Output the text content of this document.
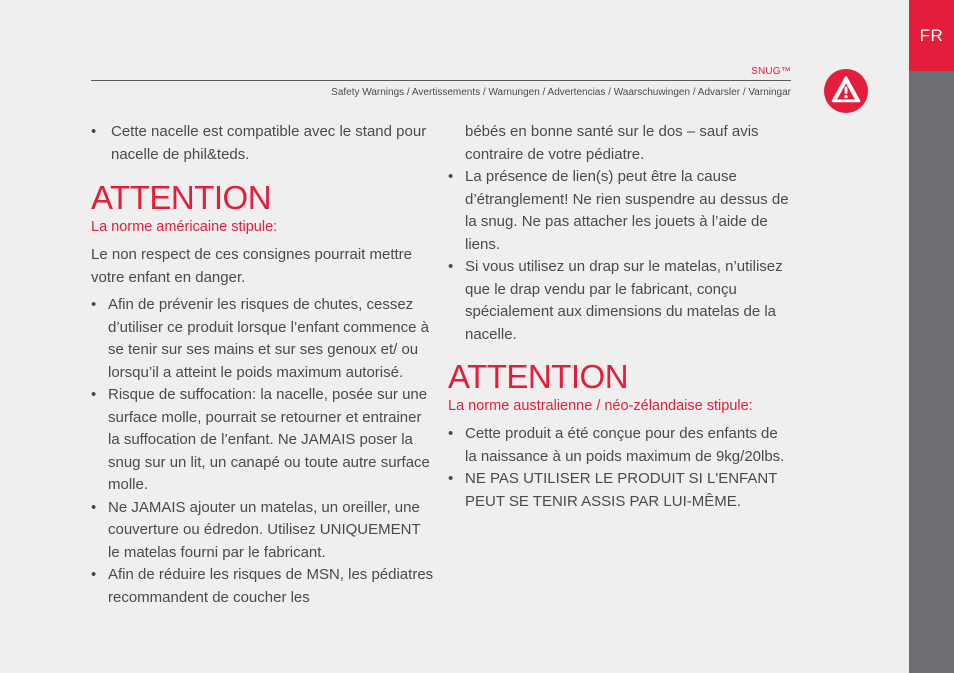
FR
SNUG™
Safety Warnings / Avertissements / Warnungen / Advertencias / Waarschuwingen / Advarsler / Varningar
• Cette nacelle est compatible avec le stand pour nacelle de phil&teds.
ATTENTION
La norme américaine stipule:
Le non respect de ces consignes pourrait mettre votre enfant en danger.
• Afin de prévenir les risques de chutes, cessez d’utiliser ce produit lorsque l’enfant commence à se tenir sur ses mains et sur ses genoux et/ ou lorsqu’il a atteint le poids maximum autorisé.
• Risque de suffocation: la nacelle, posée sur une surface molle, pourrait se retourner et entrainer la suffocation de l’enfant. Ne JAMAIS poser la snug sur un lit, un canapé ou toute autre surface molle.
• Ne JAMAIS ajouter un matelas, un oreiller, une couverture ou édredon. Utilisez UNIQUEMENT le matelas fourni par le fabricant.
• Afin de réduire les risques de MSN, les pédiatres recommandent de coucher les
bébés en bonne santé sur le dos – sauf avis contraire de votre pédiatre.
• La présence de lien(s) peut être la cause d’étranglement! Ne rien suspendre au dessus de la snug. Ne pas attacher les jouets à l’aide de liens.
• Si vous utilisez un drap sur le matelas, n’utilisez que le drap vendu par le fabricant, conçu spécialement aux dimensions du matelas de la nacelle.
ATTENTION
La norme australienne / néo-zélandaise stipule:
• Cette produit a été conçue pour des enfants de la naissance à un poids maximum de 9kg/20lbs.
• NE PAS UTILISER LE PRODUIT SI L'ENFANT PEUT SE TENIR ASSIS PAR LUI-MÊME.
